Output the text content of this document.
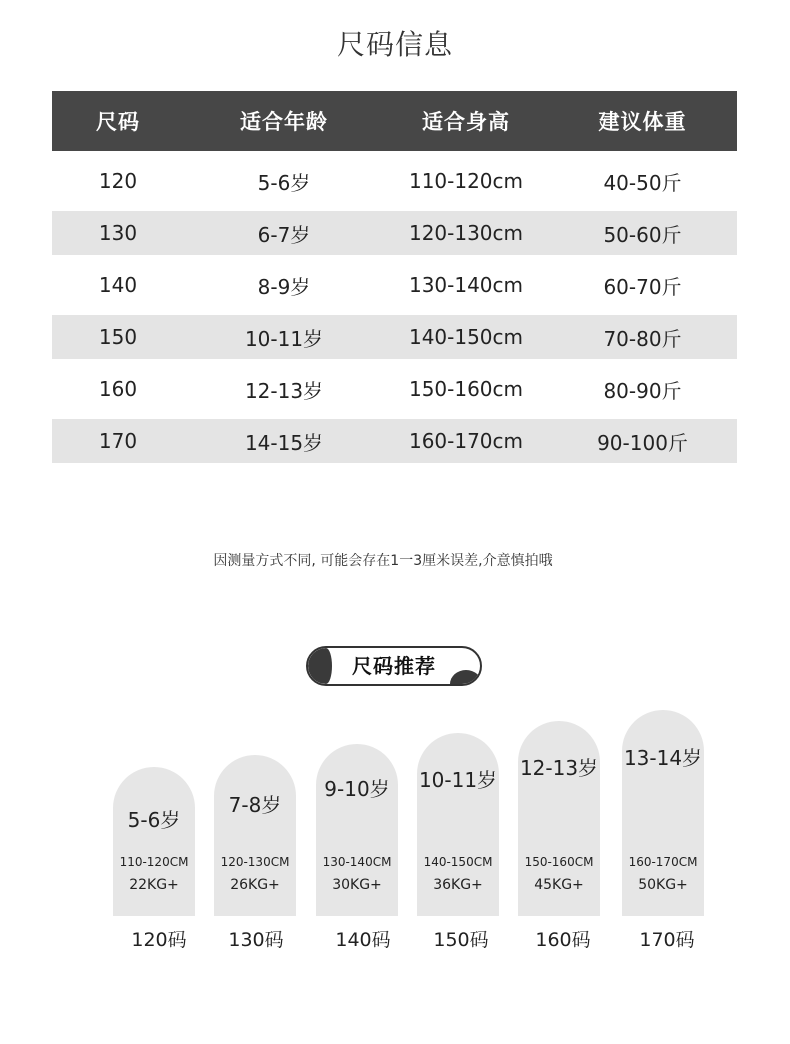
尺码信息
尺码	适合年龄	适合身高	建议体重
120	5-6岁	110-120cm	40-50斤
130	6-7岁	120-130cm	50-60斤
140	8-9岁	130-140cm	60-70斤
150	10-11岁	140-150cm	70-80斤
160	12-13岁	150-160cm	80-90斤
170	14-15岁	160-170cm	90-100斤
因测量方式不同, 可能会存在1一3厘米误差,介意慎拍哦
尺码推荐
5-6岁
110-120CM
22KG+
7-8岁
120-130CM
26KG+
9-10岁
130-140CM
30KG+
10-11岁
140-150CM
36KG+
12-13岁
150-160CM
45KG+
13-14岁
160-170CM
50KG+
120码	130码	140码	150码	160码	170码
